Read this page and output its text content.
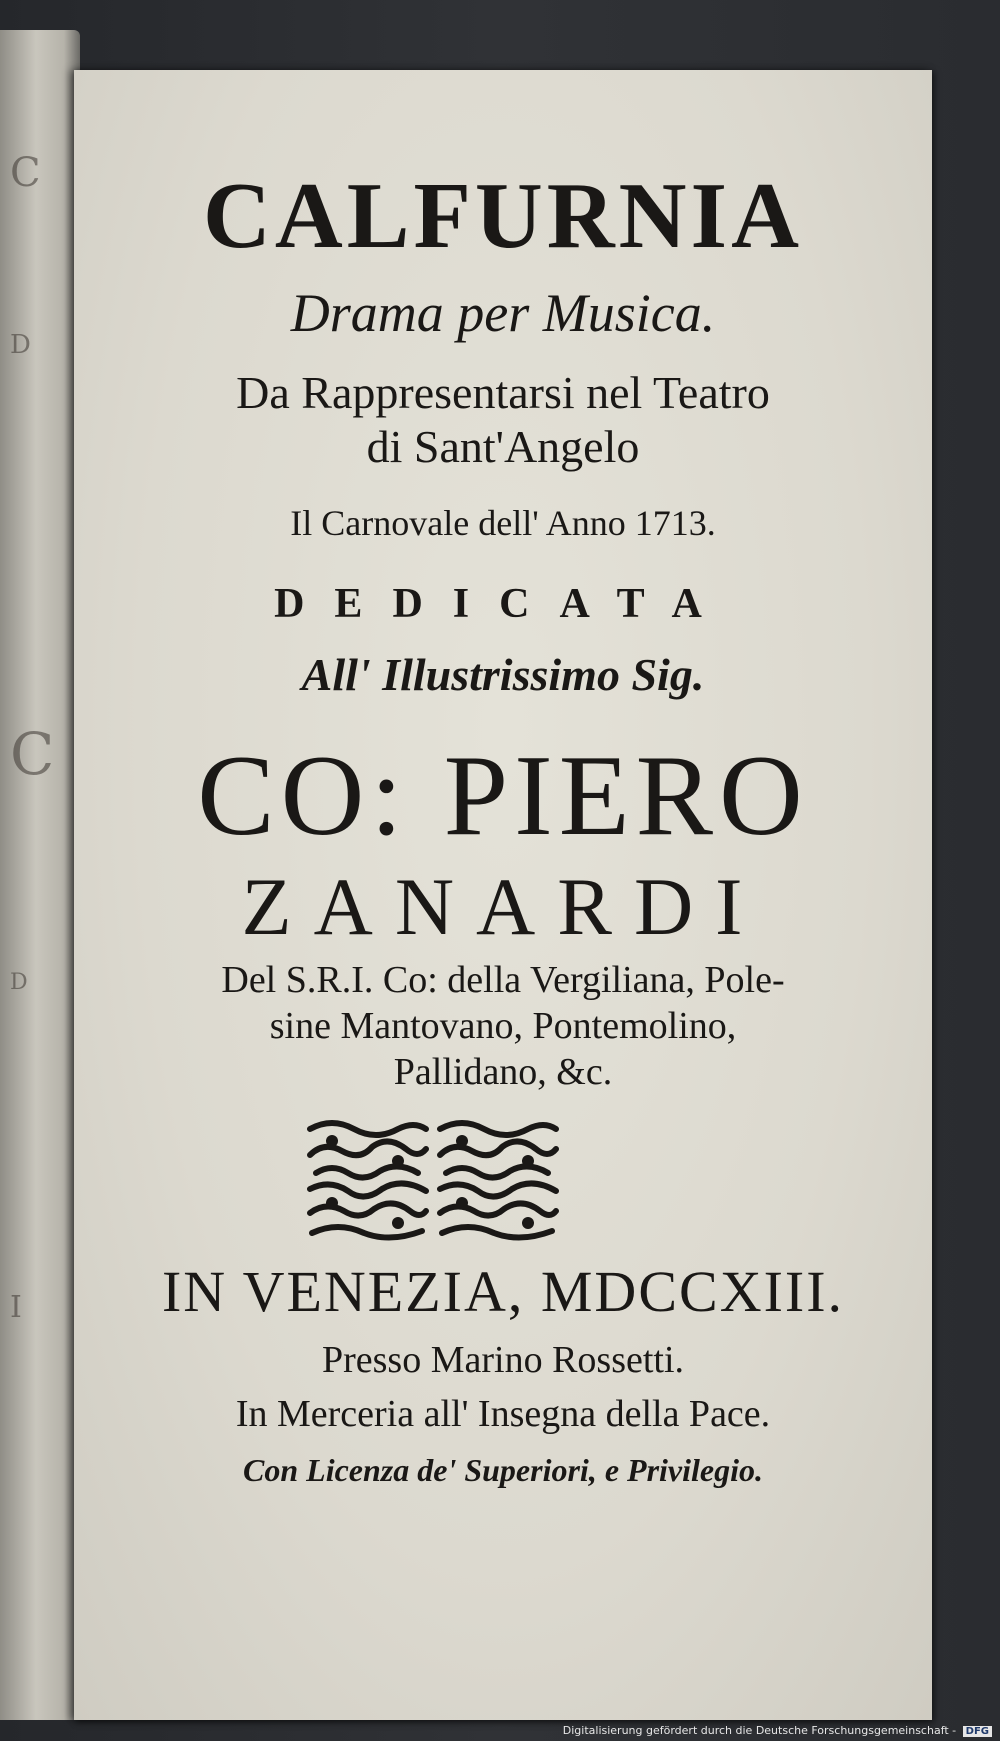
C
D
C
D
I
CALFURNIA
Drama per Musica.
Da Rappresentarsi nel Teatro
di Sant'Angelo
Il Carnovale dell' Anno 1713.
DEDICATA
All' Illustrissimo Sig.
CO: PIERO
ZANARDI
Del S.R.I. Co: della Vergiliana, Pole-
sine Mantovano, Pontemolino,
Pallidano, &c.
IN VENEZIA, MDCCXIII.
Presso Marino Rossetti.
In Merceria all' Insegna della Pace.
Con Licenza de' Superiori, e Privilegio.
Digitalisierung gefördert durch die Deutsche Forschungsgemeinschaft - DFG
